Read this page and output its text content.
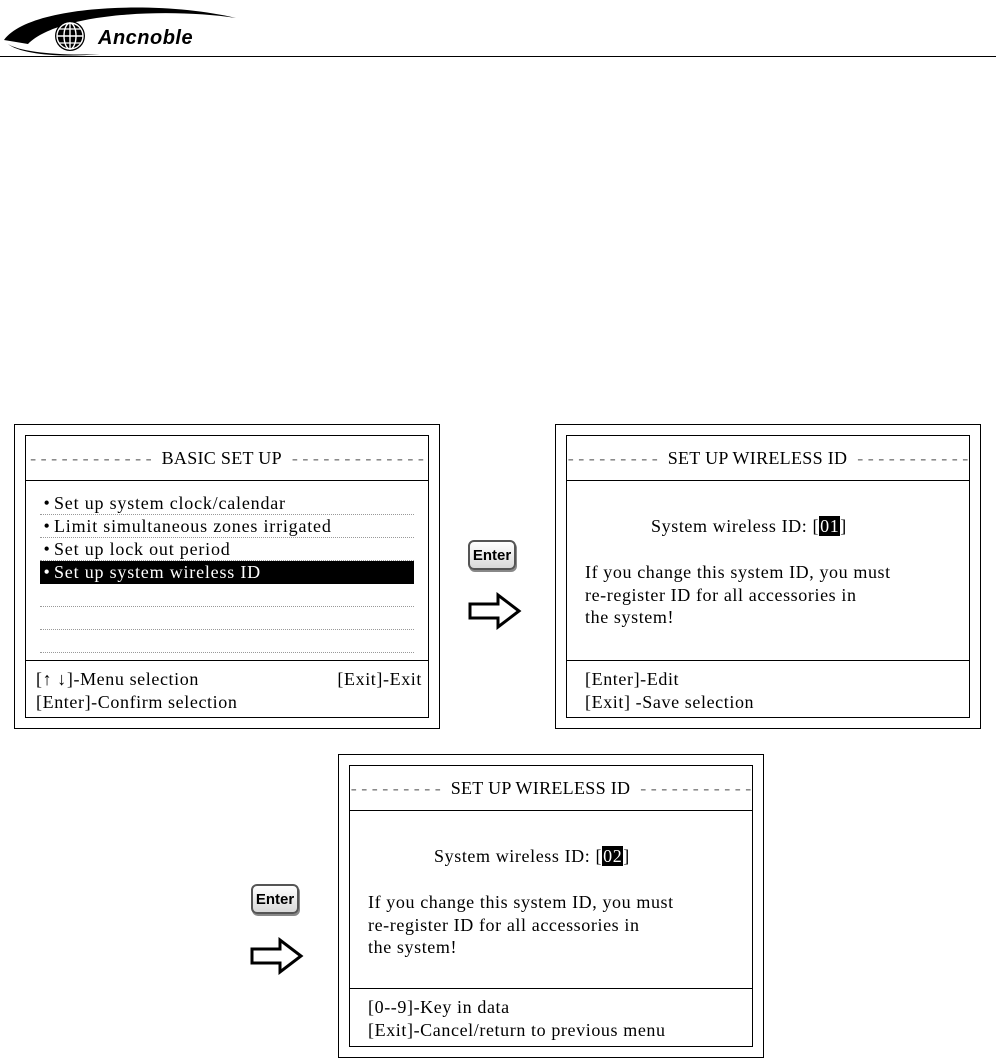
Ancnoble
- - - - - - - - - - - - BASIC SET UP - - - - - - - - - - - - -
• Set up system clock/calendar
• Limit simultaneous zones irrigated
• Set up lock out period
• Set up system wireless ID
[↑ ↓]-Menu selection	[Exit]-Exit
[Enter]-Confirm selection
Enter
- - - - - - - - - SET UP WIRELESS ID - - - - - - - - - - -
System wireless ID: [01]
If you change this system ID, you must
re-register ID for all accessories in
the system!
[Enter]-Edit
[Exit] -Save selection
Enter
- - - - - - - - - SET UP WIRELESS ID - - - - - - - - - - -
System wireless ID: [02]
If you change this system ID, you must
re-register ID for all accessories in
the system!
[0--9]-Key in data
[Exit]-Cancel/return to previous menu
